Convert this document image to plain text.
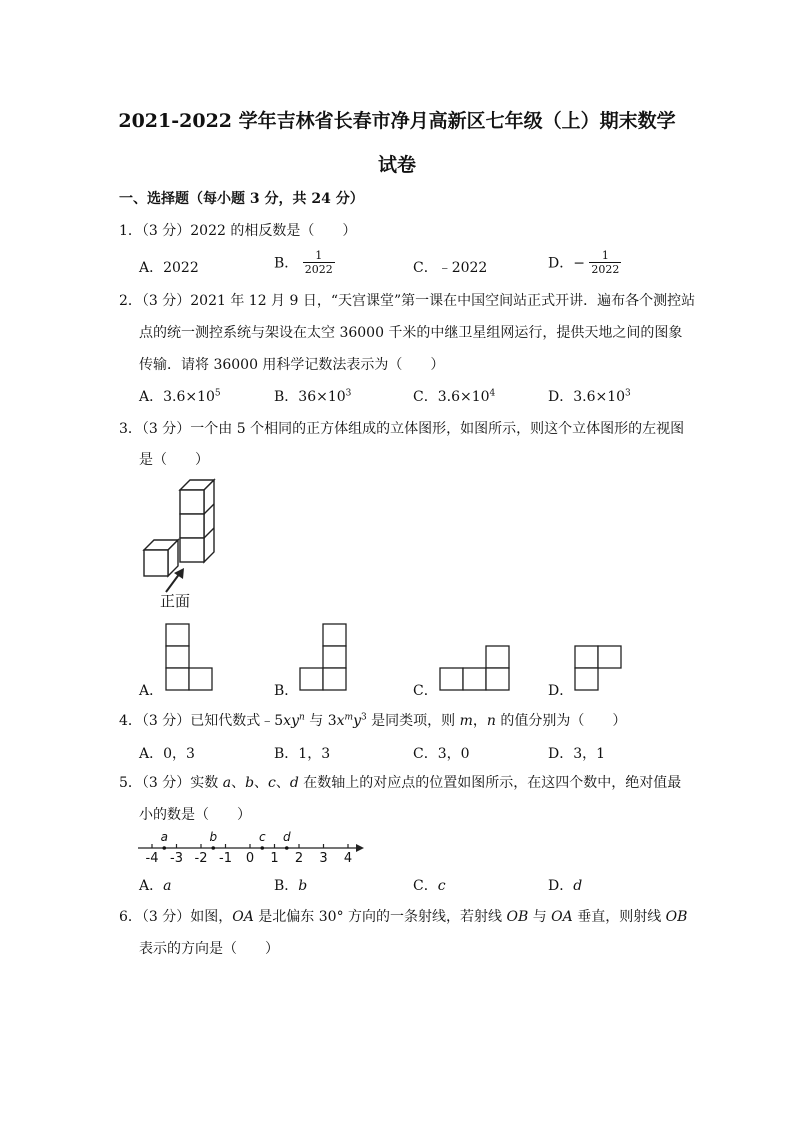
2021-2022 学年吉林省长春市净月高新区七年级（上）期末数学
试卷
一、选择题（每小题 3 分，共 24 分）
1．（3 分）2022 的相反数是（　　）
A．2022	B． $\frac{1}{2022}$	C．﹣2022	D．− $\frac{1}{2022}$
2．（3 分）2021 年 12 月 9 日，“天宫课堂”第一课在中国空间站正式开讲．遍布各个测控站
点的统一测控系统与架设在太空 36000 千米的中继卫星组网运行，提供天地之间的图象
传输．请将 36000 用科学记数法表示为（　　）
A．$3.6\times 10^5$	B．$36\times 10^3$	C．$3.6\times 10^4$	D．$3.6\times 10^3$
3．（3 分）一个由 5 个相同的正方体组成的立体图形，如图所示，则这个立体图形的左视图
是（　　）
正面
A．	B．	C．	D．
4．（3 分）已知代数式$﹣5xy^n$ 与 $3x^my^3$ 是同类项，则 m，n 的值分别为（　　）
A．0，3	B．1，3	C．3，0	D．3，1
5．（3 分）实数 a、b、c、d 在数轴上的对应点的位置如图所示，在这四个数中，绝对值最
小的数是（　　）
-4 -3 -2 -1 0 1 2 3 4
a	b	c d
A．a	B．b	C．c	D．d
6．（3 分）如图，OA 是北偏东 30° 方向的一条射线，若射线 OB 与 OA 垂直，则射线 OB
表示的方向是（　　）
